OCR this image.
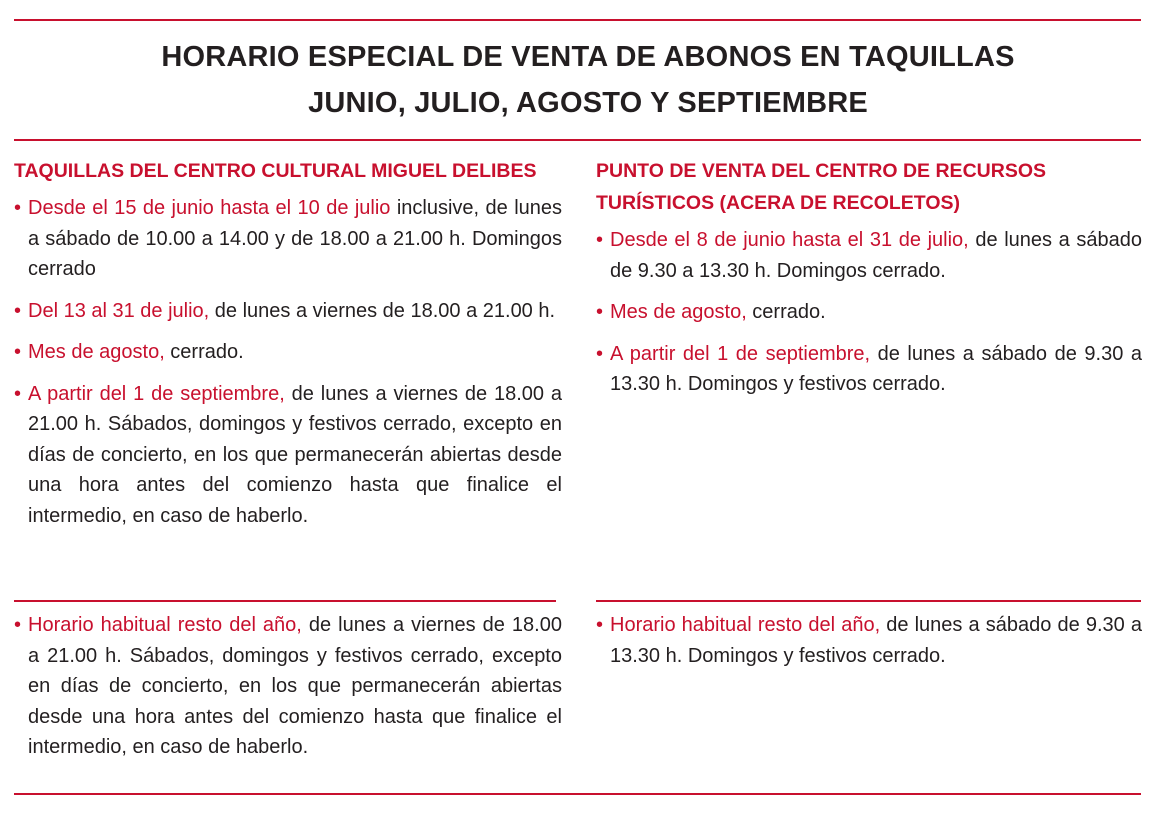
HORARIO ESPECIAL DE VENTA DE ABONOS EN TAQUILLAS
JUNIO, JULIO, AGOSTO Y SEPTIEMBRE
TAQUILLAS DEL CENTRO CULTURAL MIGUEL DELIBES
• Desde el 15 de junio hasta el 10 de julio inclusive, de lunes a sábado de 10.00 a 14.00 y de 18.00 a 21.00 h. Domingos cerrado
• Del 13 al 31 de julio, de lunes a viernes de 18.00 a 21.00 h.
• Mes de agosto, cerrado.
• A partir del 1 de septiembre, de lunes a viernes de 18.00 a 21.00 h. Sábados, domingos y festivos cerrado, excepto en días de concierto, en los que permanecerán abiertas desde una hora antes del comienzo hasta que finalice el intermedio, en caso de haberlo.
PUNTO DE VENTA DEL CENTRO DE RECURSOS TURÍSTICOS (ACERA DE RECOLETOS)
• Desde el 8 de junio hasta el 31 de julio, de lunes a sábado de 9.30 a 13.30 h. Domingos cerrado.
• Mes de agosto, cerrado.
• A partir del 1 de septiembre, de lunes a sábado de 9.30 a 13.30 h. Domingos y festivos cerrado.
• Horario habitual resto del año, de lunes a viernes de 18.00 a 21.00 h. Sábados, domingos y festivos cerrado, excepto en días de concierto, en los que permanecerán abiertas desde una hora antes del comienzo hasta que finalice el intermedio, en caso de haberlo.
• Horario habitual resto del año, de lunes a sábado de 9.30 a 13.30 h. Domingos y festivos cerrado.
